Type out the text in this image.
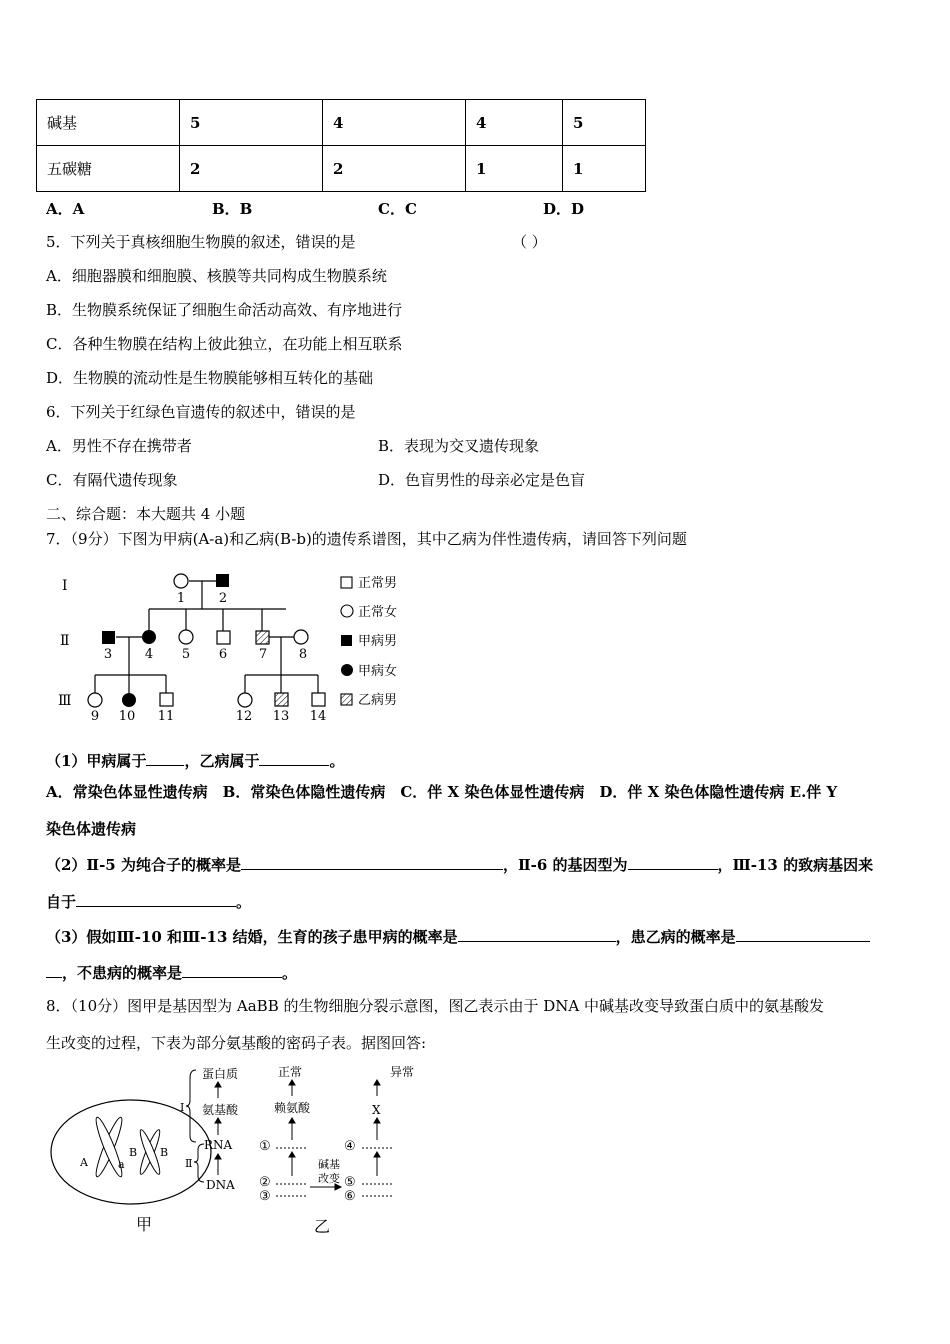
碱基	5	4	4	5
五碳糖	2	2	1	1
A．A	B．B	C．C	D．D
5．下列关于真核细胞生物膜的叙述，错误的是	（ ）
A．细胞器膜和细胞膜、核膜等共同构成生物膜系统
B．生物膜系统保证了细胞生命活动高效、有序地进行
C．各种生物膜在结构上彼此独立，在功能上相互联系
D．生物膜的流动性是生物膜能够相互转化的基础
6．下列关于红绿色盲遗传的叙述中，错误的是
A．男性不存在携带者	B．表现为交叉遗传现象
C．有隔代遗传现象	D．色盲男性的母亲必定是色盲
二、综合题：本大题共 4 小题
7．（9分）下图为甲病(A-a)和乙病(B-b)的遗传系谱图，其中乙病为伴性遗传病，请回答下列问题
Ⅰ
Ⅱ
Ⅲ
1	2
3	4 5 6 7 8
9 10 11	12 13 14
正常男
正常女
甲病男
甲病女
乙病男
（1）甲病属于	，乙病属于	。
A．常染色体显性遗传病　B．常染色体隐性遗传病　C．伴 X 染色体显性遗传病　D．伴 X 染色体隐性遗传病 E.伴 Y
染色体遗传病
（2）Ⅱ-5 为纯合子的概率是	，Ⅱ-6 的基因型为	，Ⅲ-13 的致病基因来
自于	。
（3）假如Ⅲ-10 和Ⅲ-13 结婚，生育的孩子患甲病的概率是	，患乙病的概率是
，不患病的概率是	。
8．（10分）图甲是基因型为 AaBB 的生物细胞分裂示意图，图乙表示由于 DNA 中碱基改变导致蛋白质中的氨基酸发
生改变的过程，下表为部分氨基酸的密码子表。据图回答:
A	a
B B
甲
Ⅰ
Ⅱ
蛋白质
氨基酸
RNA
DNA
正常
赖氨酸
异常
X
①
②
③
④
⑤
⑥
碱基
改变
乙
